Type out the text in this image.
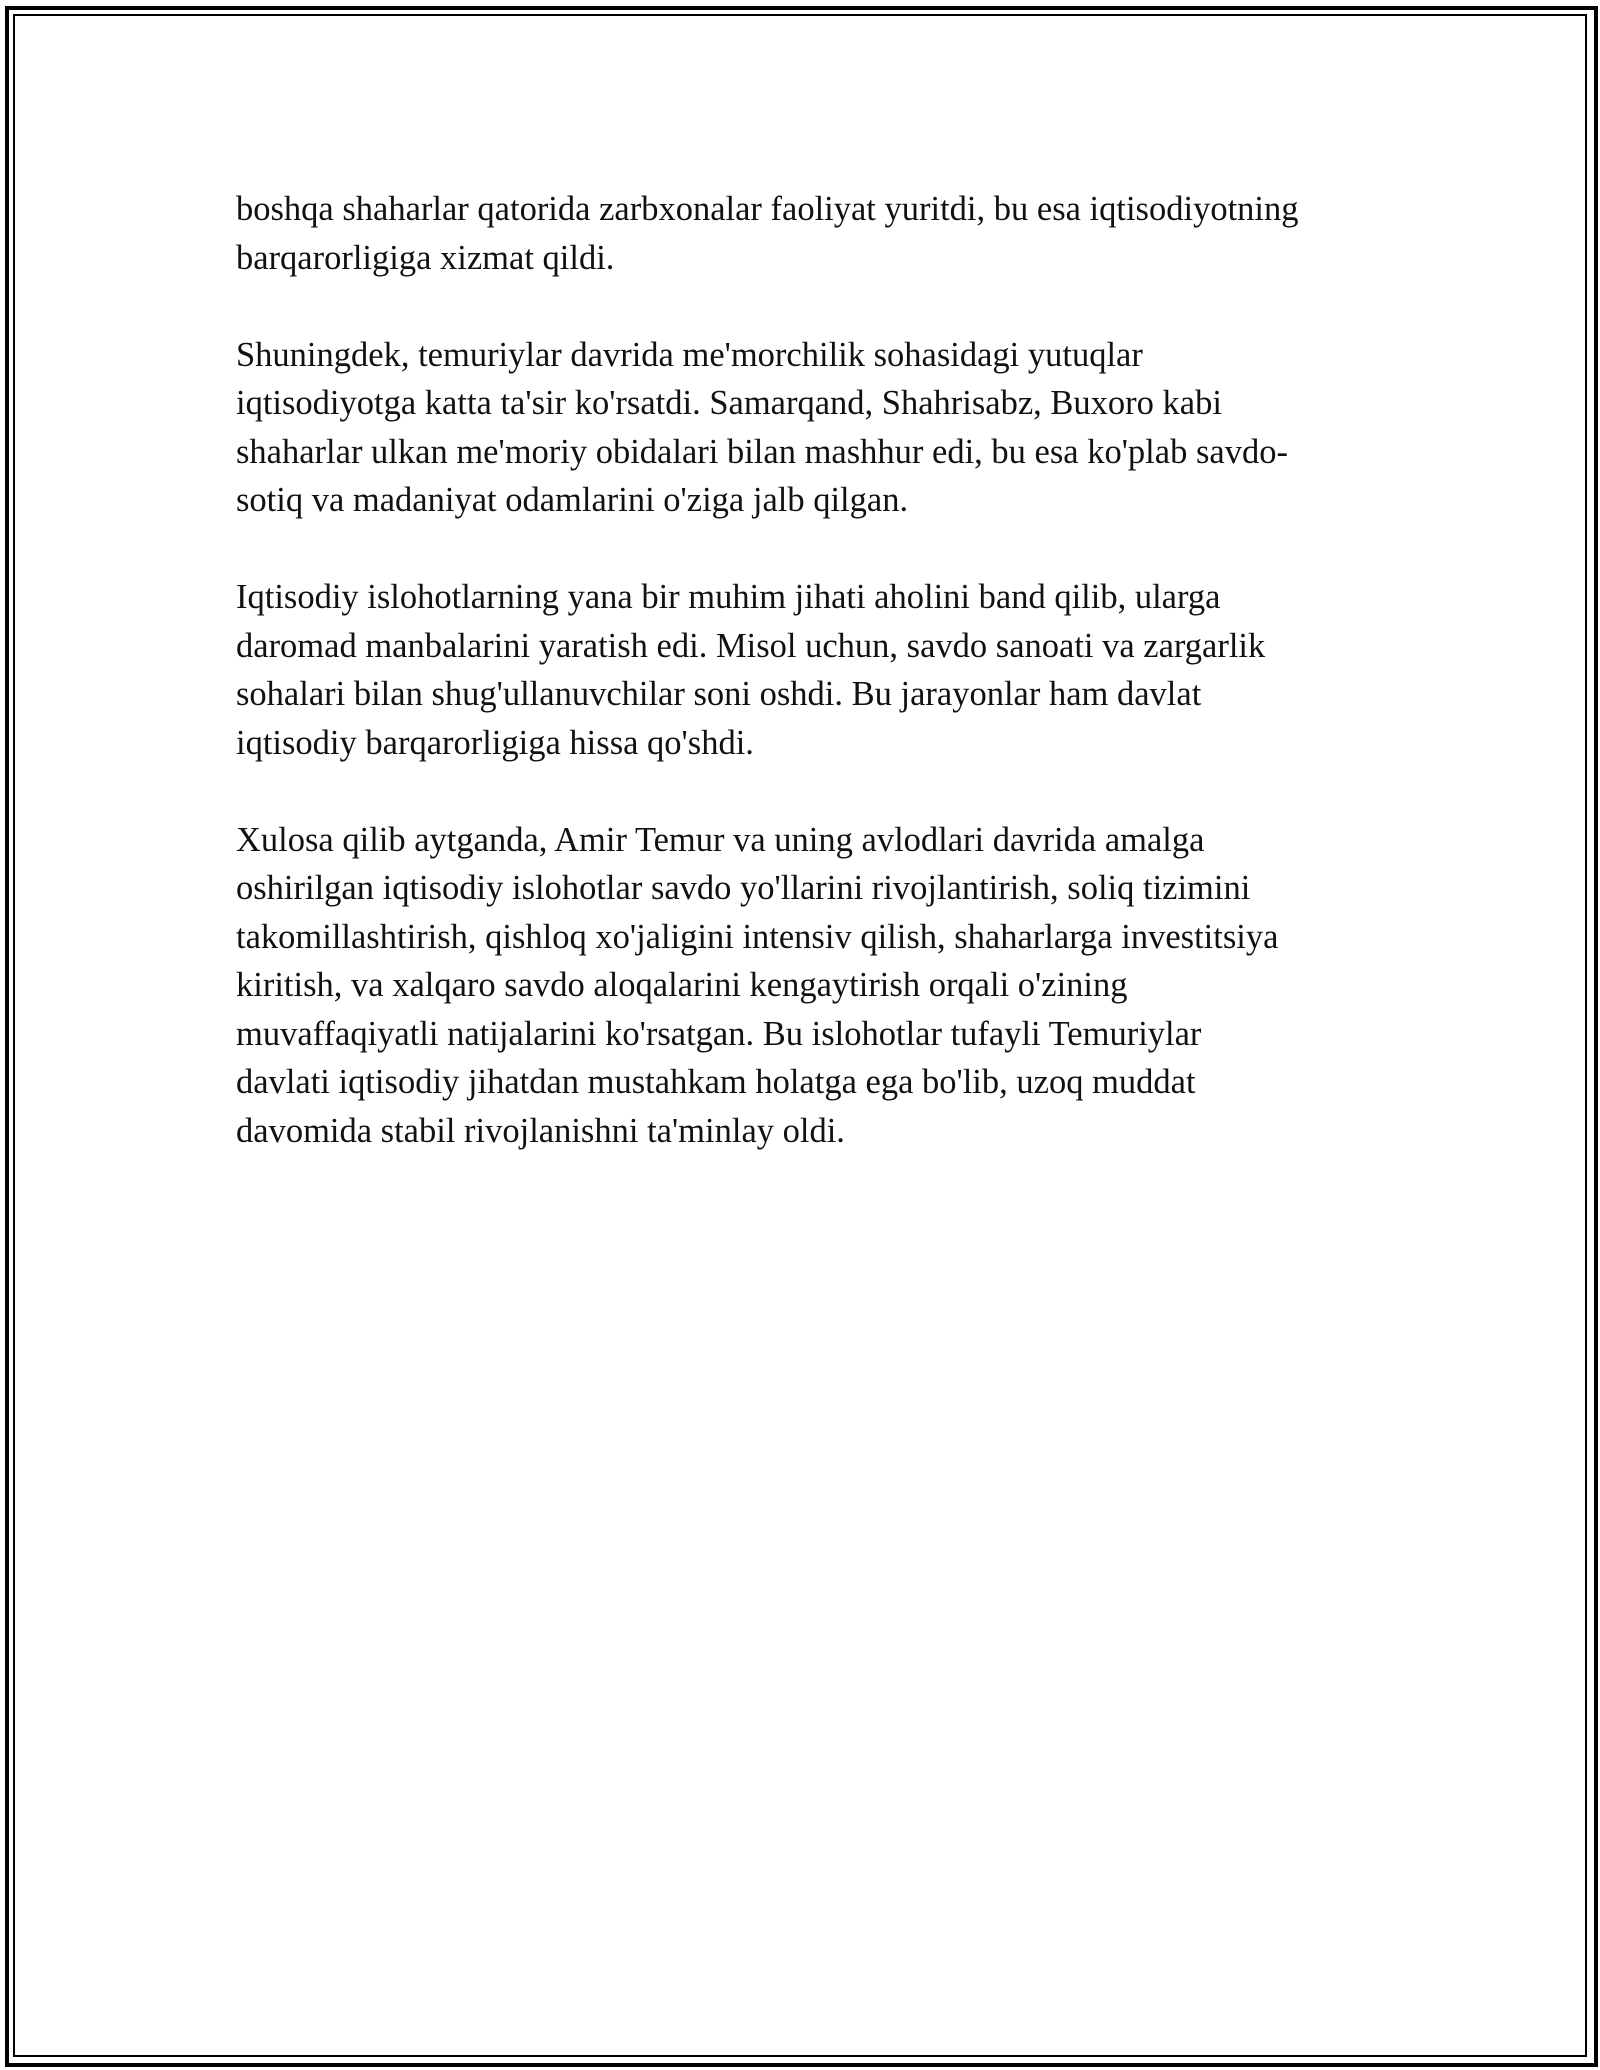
boshqa shaharlar qatorida zarbxonalar faoliyat yuritdi, bu esa iqtisodiyotning
barqarorligiga xizmat qildi.

Shuningdek, temuriylar davrida me'morchilik sohasidagi yutuqlar
iqtisodiyotga katta ta'sir ko'rsatdi. Samarqand, Shahrisabz, Buxoro kabi
shaharlar ulkan me'moriy obidalari bilan mashhur edi, bu esa ko'plab savdo-
sotiq va madaniyat odamlarini o'ziga jalb qilgan.

Iqtisodiy islohotlarning yana bir muhim jihati aholini band qilib, ularga
daromad manbalarini yaratish edi. Misol uchun, savdo sanoati va zargarlik
sohalari bilan shug'ullanuvchilar soni oshdi. Bu jarayonlar ham davlat
iqtisodiy barqarorligiga hissa qo'shdi.

Xulosa qilib aytganda, Amir Temur va uning avlodlari davrida amalga
oshirilgan iqtisodiy islohotlar savdo yo'llarini rivojlantirish, soliq tizimini
takomillashtirish, qishloq xo'jaligini intensiv qilish, shaharlarga investitsiya
kiritish, va xalqaro savdo aloqalarini kengaytirish orqali o'zining
muvaffaqiyatli natijalarini ko'rsatgan. Bu islohotlar tufayli Temuriylar
davlati iqtisodiy jihatdan mustahkam holatga ega bo'lib, uzoq muddat
davomida stabil rivojlanishni ta'minlay oldi.
